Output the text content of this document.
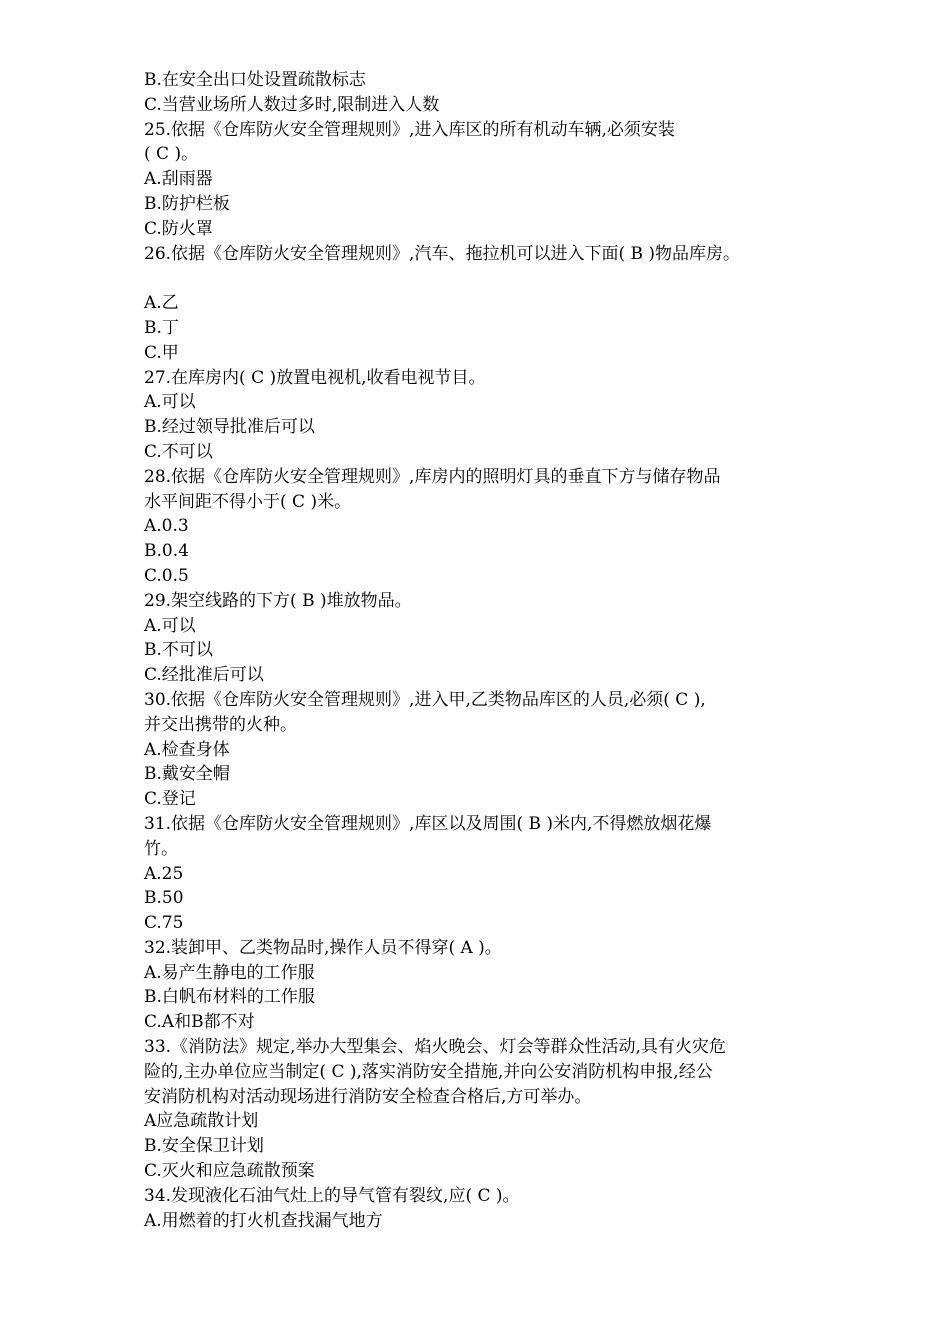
B.在安全出口处设置疏散标志
C.当营业场所人数过多时,限制进入人数
25.依据《仓库防火安全管理规则》,进入库区的所有机动车辆,必须安装
( C )。
A.刮雨器
B.防护栏板
C.防火罩
26.依据《仓库防火安全管理规则》,汽车、拖拉机可以进入下面( B )物品库房。
A.乙
B.丁
C.甲
27.在库房内( C )放置电视机,收看电视节目。
A.可以
B.经过领导批准后可以
C.不可以
28.依据《仓库防火安全管理规则》,库房内的照明灯具的垂直下方与储存物品
水平间距不得小于( C )米。
A.0.3
B.0.4
C.0.5
29.架空线路的下方( B )堆放物品。
A.可以
B.不可以
C.经批准后可以
30.依据《仓库防火安全管理规则》,进入甲,乙类物品库区的人员,必须( C ),
并交出携带的火种。
A.检查身体
B.戴安全帽
C.登记
31.依据《仓库防火安全管理规则》,库区以及周围( B )米内,不得燃放烟花爆
竹。
A.25
B.50
C.75
32.装卸甲、乙类物品时,操作人员不得穿( A )。
A.易产生静电的工作服
B.白帆布材料的工作服
C.A和B都不对
33.《消防法》规定,举办大型集会、焰火晚会、灯会等群众性活动,具有火灾危
险的,主办单位应当制定( C ),落实消防安全措施,并向公安消防机构申报,经公
安消防机构对活动现场进行消防安全检查合格后,方可举办。
A应急疏散计划
B.安全保卫计划
C.灭火和应急疏散预案
34.发现液化石油气灶上的导气管有裂纹,应( C )。
A.用燃着的打火机查找漏气地方
